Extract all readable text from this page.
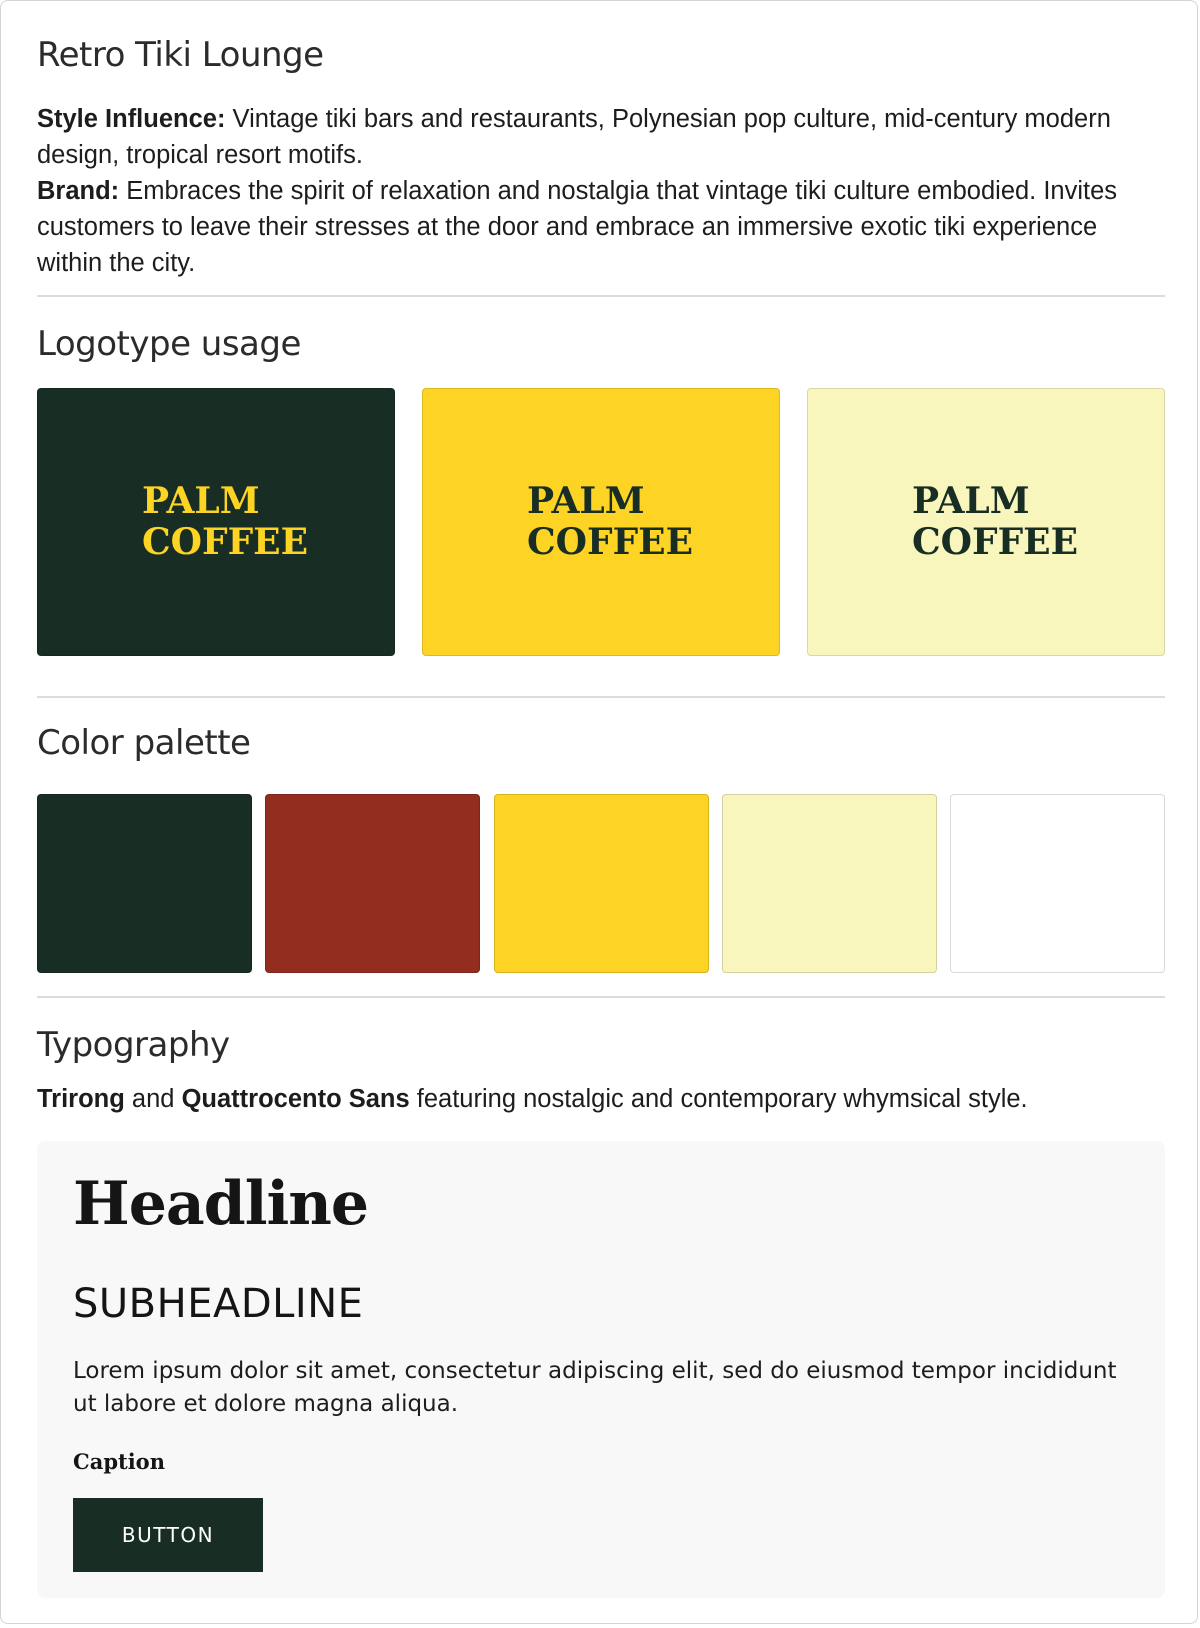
Retro Tiki Lounge

Style Influence: Vintage tiki bars and restaurants, Polynesian pop culture, mid-century modern design, tropical resort motifs.

Brand: Embraces the spirit of relaxation and nostalgia that vintage tiki culture embodied. Invites customers to leave their stresses at the door and embrace an immersive exotic tiki experience within the city.

Logotype usage
PALM
COFFEE
PALM
COFFEE
PALM
COFFEE
Color palette
Typography

Trirong and Quattrocento Sans featuring nostalgic and contemporary whymsical style.

Headline
SUBHEADLINE
Lorem ipsum dolor sit amet, consectetur adipiscing elit, sed do eiusmod tempor incididunt ut labore et dolore magna aliqua.
Caption
BUTTON
